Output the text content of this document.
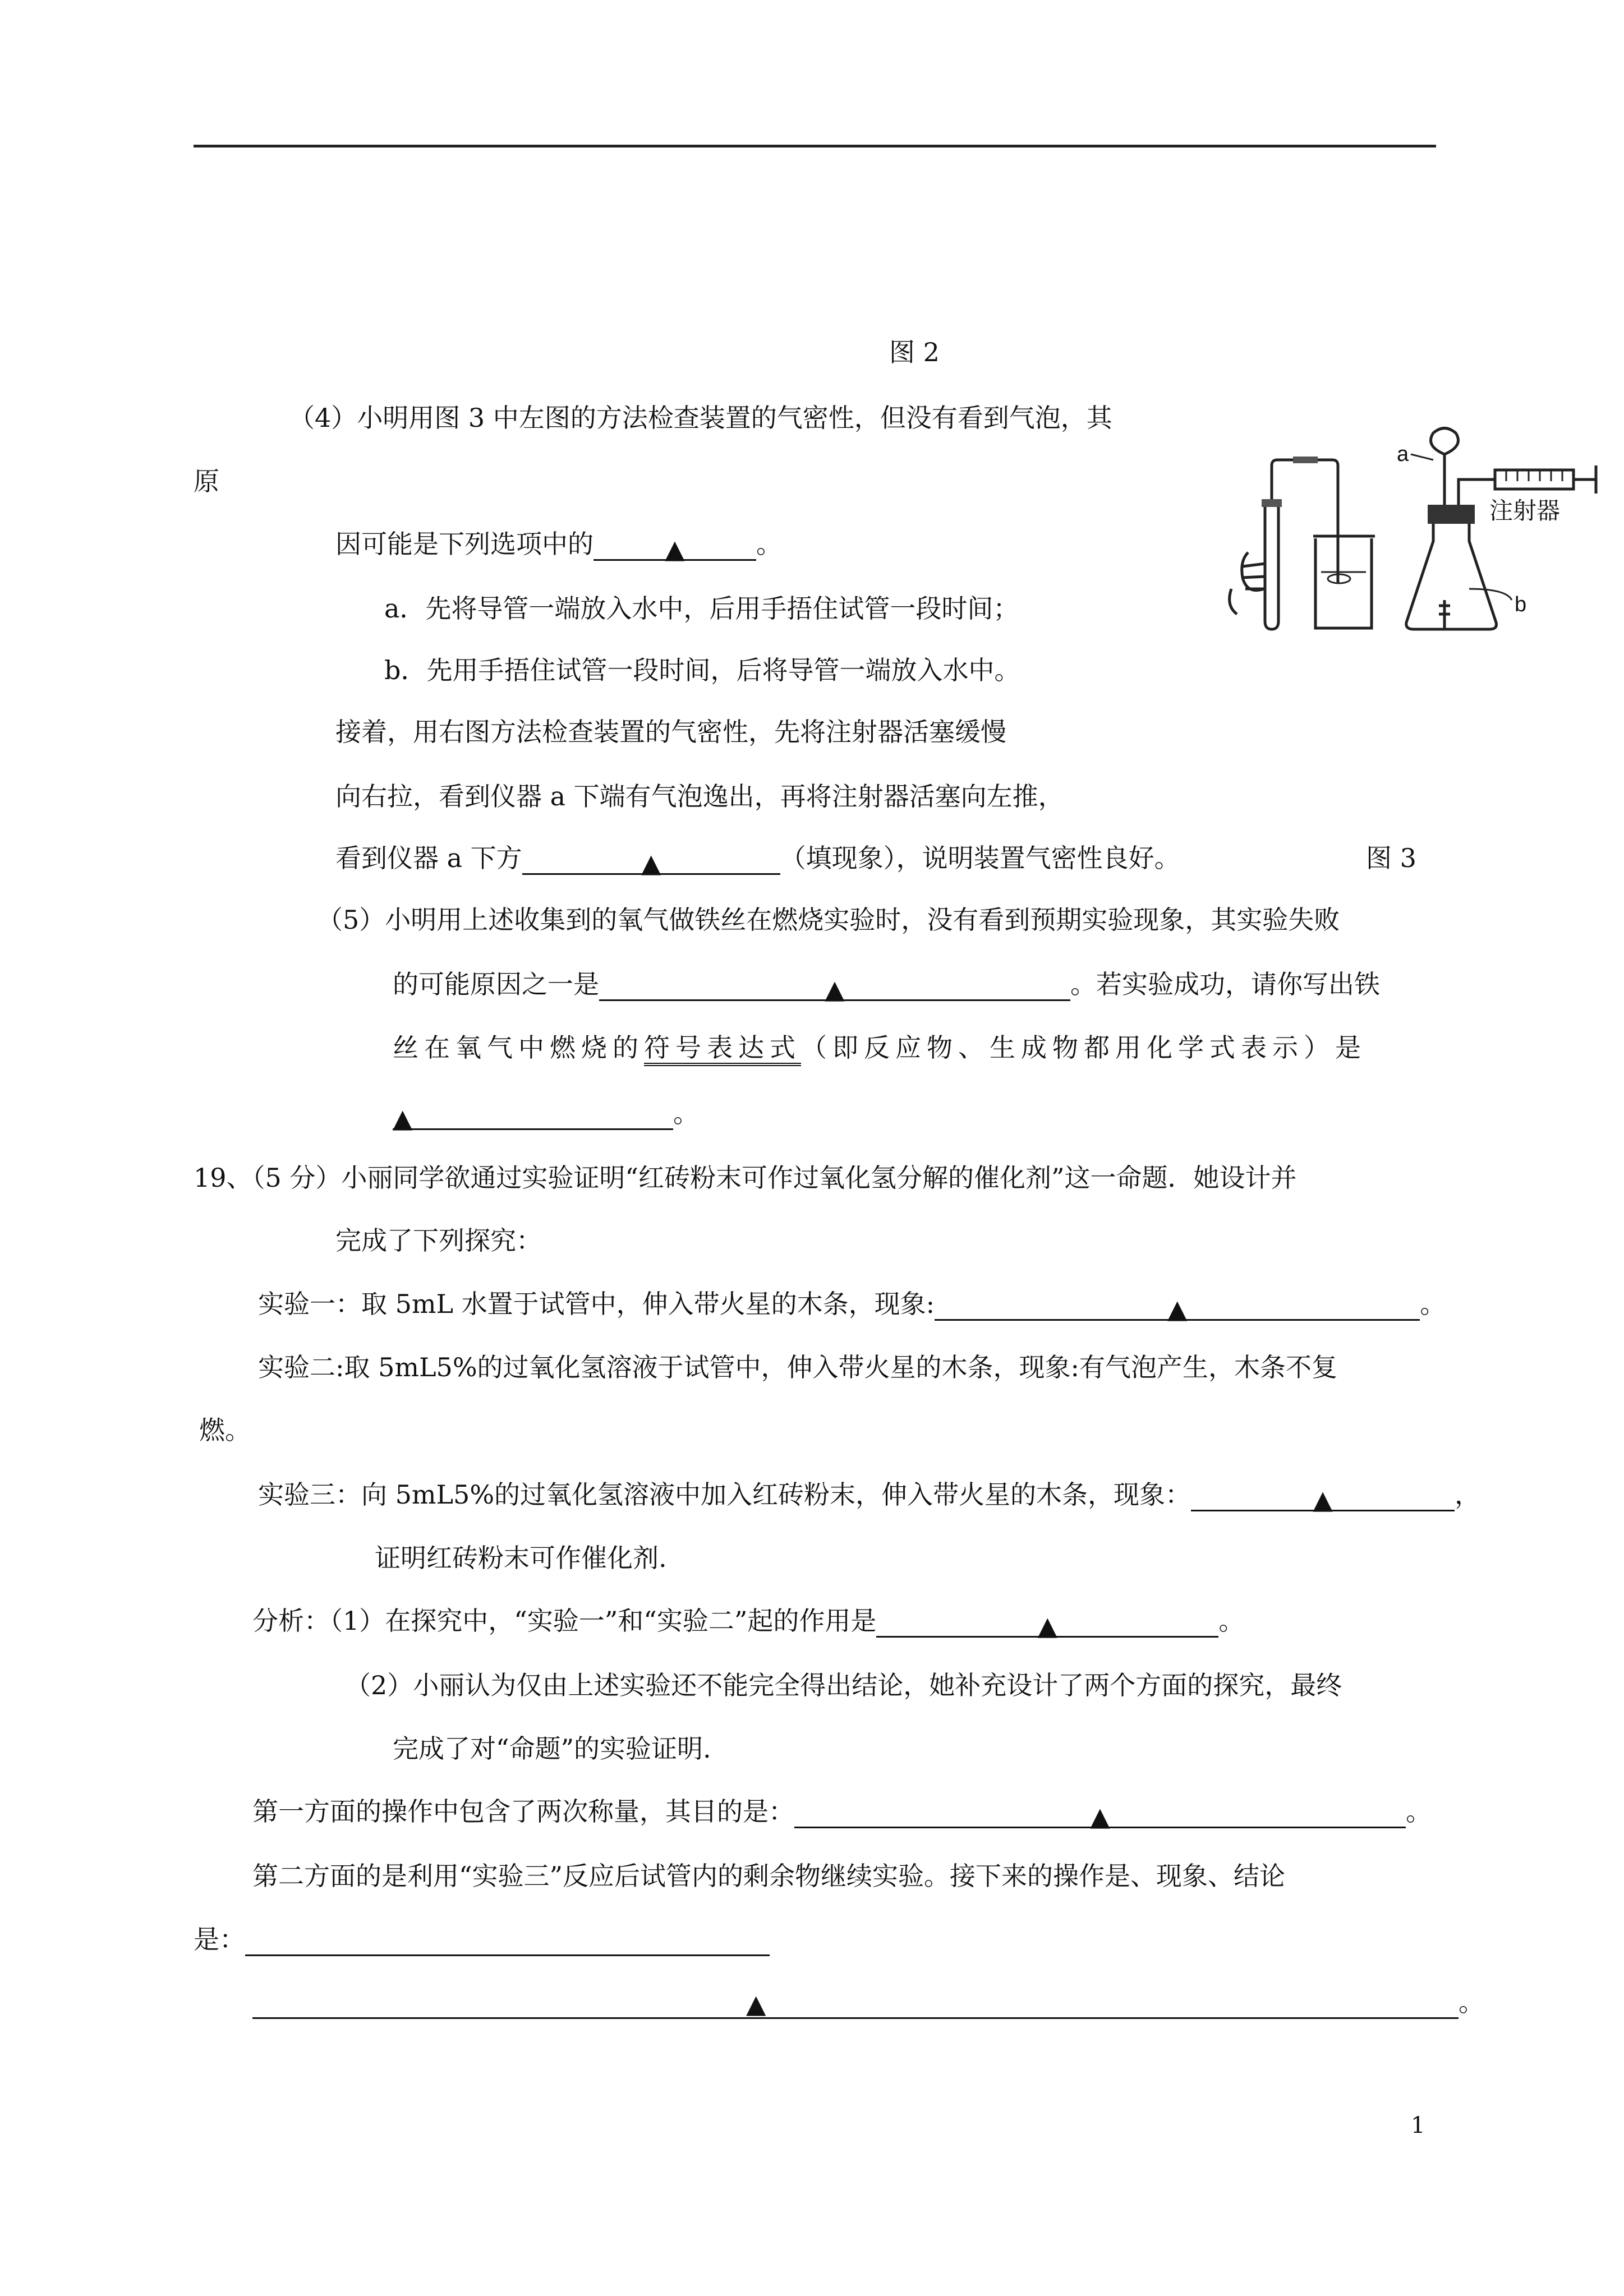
图 2
（4）小明用图 3 中左图的方法检查装置的气密性，但没有看到气泡，其
原
因可能是下列选项中的	▲	。
a．先将导管一端放入水中，后用手捂住试管一段时间；
b．先用手捂住试管一段时间，后将导管一端放入水中。
接着，用右图方法检查装置的气密性，先将注射器活塞缓慢
向右拉，看到仪器 a 下端有气泡逸出，再将注射器活塞向左推，
看到仪器 a 下方	▲	（填现象），说明装置气密性良好。	图 3
a
b
注射器
（5）小明用上述收集到的氧气做铁丝在燃烧实验时，没有看到预期实验现象，其实验失败
的可能原因之一是	▲	。若实验成功，请你写出铁
丝在氧气中燃烧的符号表达式（即反应物、生成物都用化学式表示）是
▲	。
19、（5 分）小丽同学欲通过实验证明“红砖粉末可作过氧化氢分解的催化剂”这一命题．她设计并
完成了下列探究：
实验一：取 5mL 水置于试管中，伸入带火星的木条，现象:	▲	。
实验二:取 5mL5%的过氧化氢溶液于试管中，伸入带火星的木条，现象:有气泡产生，木条不复
燃。
实验三：向 5mL5%的过氧化氢溶液中加入红砖粉末，伸入带火星的木条，现象：	▲	，
证明红砖粉末可作催化剂.
分析：（1）在探究中，“实验一”和“实验二”起的作用是	▲	。
（2）小丽认为仅由上述实验还不能完全得出结论，她补充设计了两个方面的探究，最终
完成了对“命题”的实验证明.
第一方面的操作中包含了两次称量，其目的是：	▲	。
第二方面的是利用“实验三”反应后试管内的剩余物继续实验。接下来的操作是、现象、结论
是：
▲	。
1
